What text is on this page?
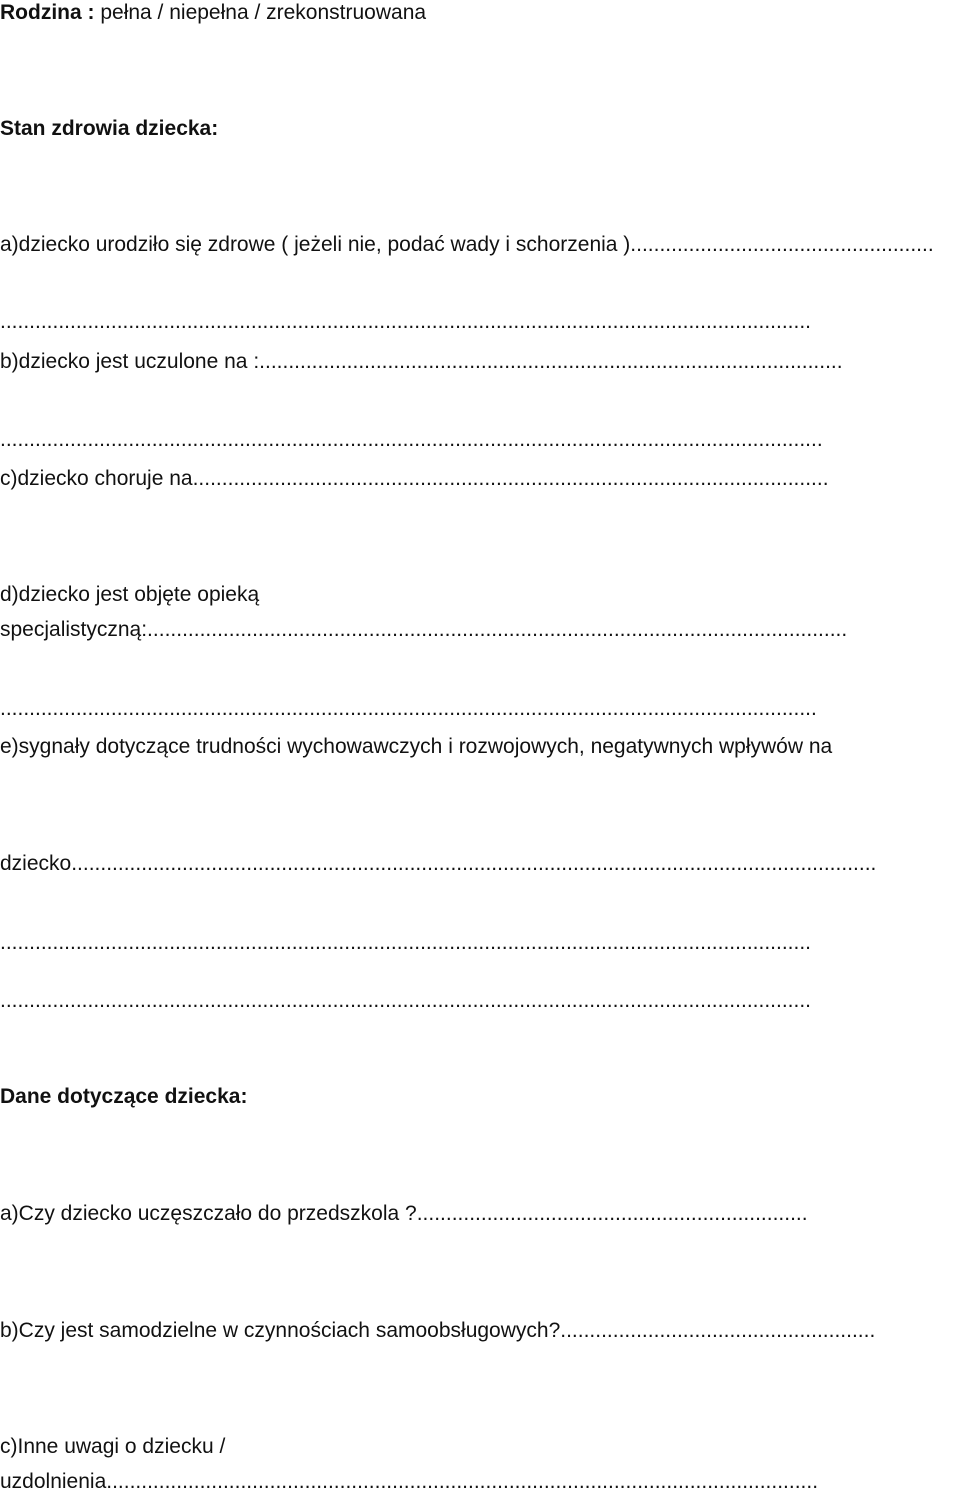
Rodzina : pełna / niepełna / zrekonstruowana

Stan zdrowia dziecka:

a)dziecko urodziło się zdrowe ( jeżeli nie, podać wady i schorzenia )....................................................

...........................................................................................................................................

b)dziecko jest uczulone na :....................................................................................................

.............................................................................................................................................

c)dziecko choruje na.............................................................................................................

d)dziecko jest objęte opieką

specjalistyczną:........................................................................................................................

............................................................................................................................................

e)sygnały dotyczące trudności wychowawczych i rozwojowych, negatywnych wpływów na

dziecko..........................................................................................................................................

...........................................................................................................................................

...........................................................................................................................................

Dane dotyczące dziecka:

a)Czy dziecko uczęszczało do przedszkola ?...................................................................

b)Czy jest samodzielne w czynnościach samoobsługowych?......................................................

c)Inne uwagi o dziecku /

uzdolnienia..........................................................................................................................
